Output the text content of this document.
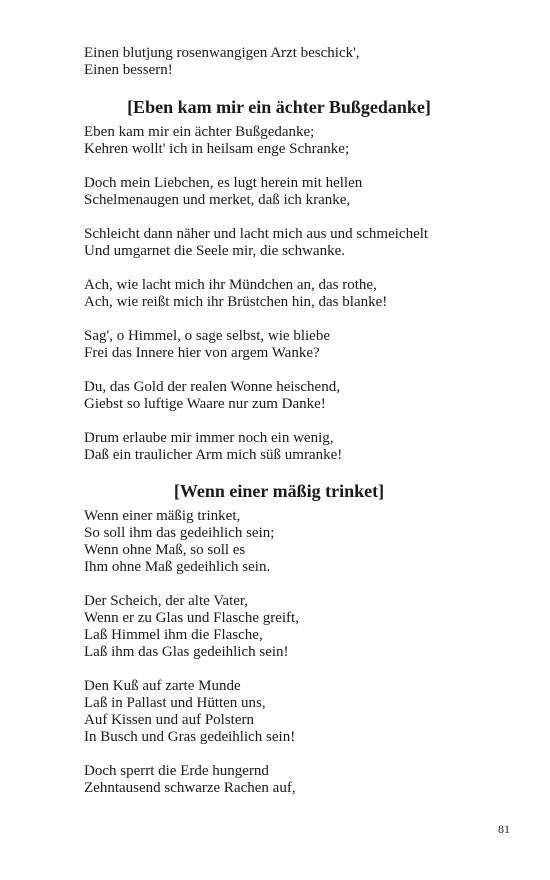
Einen blutjung rosenwangigen Arzt beschick',
Einen bessern!
[Eben kam mir ein ächter Bußgedanke]
Eben kam mir ein ächter Bußgedanke;
Kehren wollt' ich in heilsam enge Schranke;
Doch mein Liebchen, es lugt herein mit hellen
Schelmenaugen und merket, daß ich kranke,
Schleicht dann näher und lacht mich aus und schmeichelt
Und umgarnet die Seele mir, die schwanke.
Ach, wie lacht mich ihr Mündchen an, das rothe,
Ach, wie reißt mich ihr Brüstchen hin, das blanke!
Sag', o Himmel, o sage selbst, wie bliebe
Frei das Innere hier von argem Wanke?
Du, das Gold der realen Wonne heischend,
Giebst so luftige Waare nur zum Danke!
Drum erlaube mir immer noch ein wenig,
Daß ein traulicher Arm mich süß umranke!
[Wenn einer mäßig trinket]
Wenn einer mäßig trinket,
So soll ihm das gedeihlich sein;
Wenn ohne Maß, so soll es
Ihm ohne Maß gedeihlich sein.
Der Scheich, der alte Vater,
Wenn er zu Glas und Flasche greift,
Laß Himmel ihm die Flasche,
Laß ihm das Glas gedeihlich sein!
Den Kuß auf zarte Munde
Laß in Pallast und Hütten uns,
Auf Kissen und auf Polstern
In Busch und Gras gedeihlich sein!
Doch sperrt die Erde hungernd
Zehntausend schwarze Rachen auf,
81
